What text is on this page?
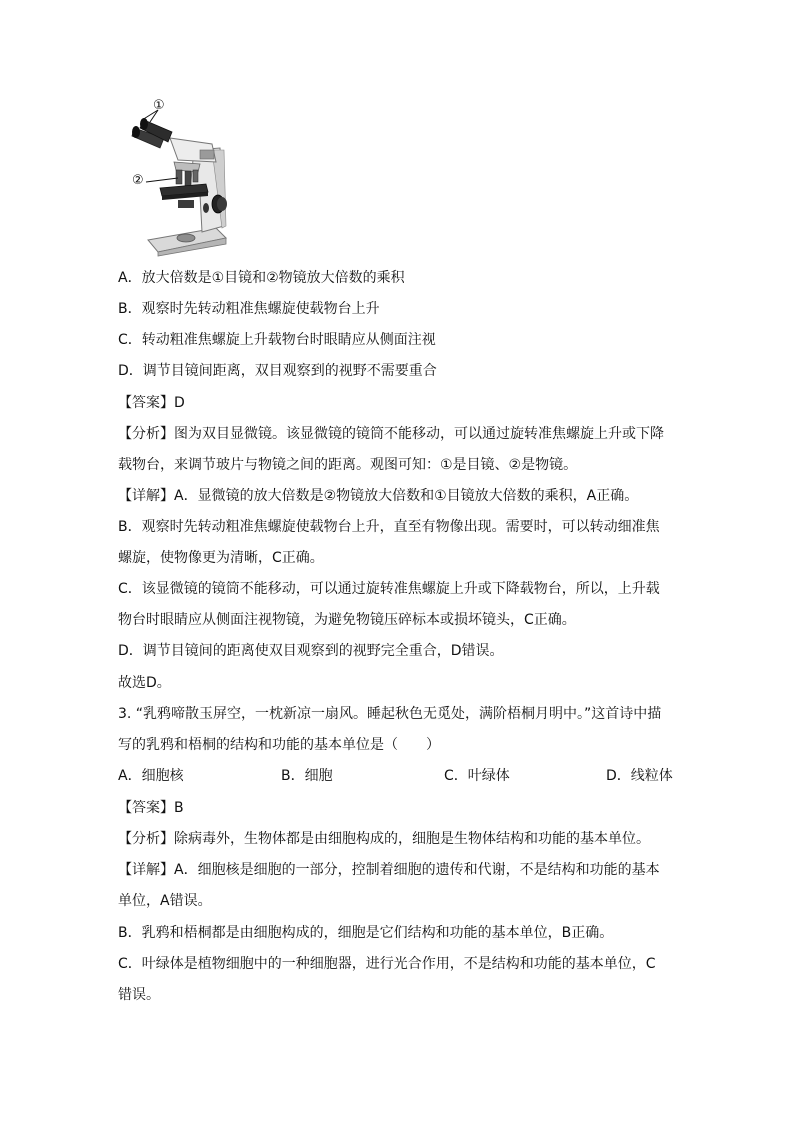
①
②
A．放大倍数是①目镜和②物镜放大倍数的乘积
B．观察时先转动粗准焦螺旋使载物台上升
C．转动粗准焦螺旋上升载物台时眼睛应从侧面注视
D．调节目镜间距离，双目观察到的视野不需要重合
【答案】D
【分析】图为双目显微镜。该显微镜的镜筒不能移动，可以通过旋转准焦螺旋上升或下降
载物台，来调节玻片与物镜之间的距离。观图可知：①是目镜、②是物镜。
【详解】A．显微镜的放大倍数是②物镜放大倍数和①目镜放大倍数的乘积，A正确。
B．观察时先转动粗准焦螺旋使载物台上升，直至有物像出现。需要时，可以转动细准焦
螺旋，使物像更为清晰，C正确。
C．该显微镜的镜筒不能移动，可以通过旋转准焦螺旋上升或下降载物台，所以，上升载
物台时眼睛应从侧面注视物镜，为避免物镜压碎标本或损坏镜头，C正确。
D．调节目镜间的距离使双目观察到的视野完全重合，D错误。
故选D。
3. “乳鸦啼散玉屏空，一枕新凉一扇风。睡起秋色无觅处，满阶梧桐月明中。”这首诗中描
写的乳鸦和梧桐的结构和功能的基本单位是（　　）
A．细胞核	B．细胞	C．叶绿体	D．线粒体
【答案】B
【分析】除病毒外，生物体都是由细胞构成的，细胞是生物体结构和功能的基本单位。
【详解】A．细胞核是细胞的一部分，控制着细胞的遗传和代谢，不是结构和功能的基本
单位，A错误。
B．乳鸦和梧桐都是由细胞构成的，细胞是它们结构和功能的基本单位，B正确。
C．叶绿体是植物细胞中的一种细胞器，进行光合作用，不是结构和功能的基本单位，C
错误。
